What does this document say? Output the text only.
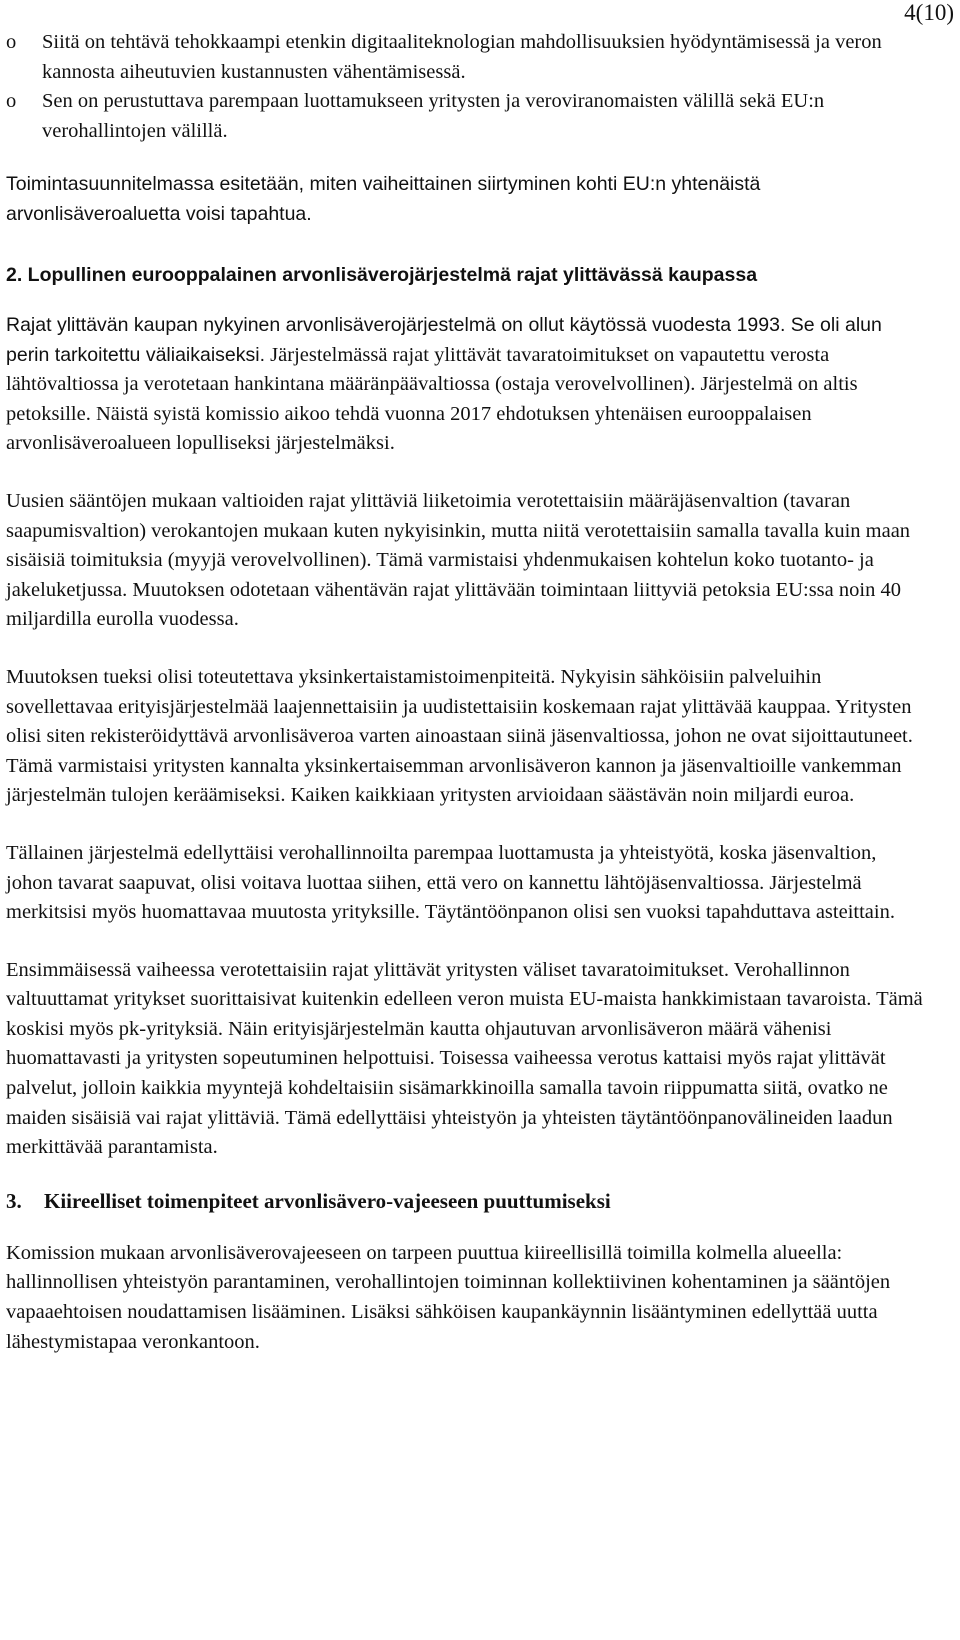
4(10)
o Siitä on tehtävä tehokkaampi etenkin digitaaliteknologian mahdollisuuksien hyödyntämisessä ja veron kannosta aiheutuvien kustannusten vähentämisessä.
o Sen on perustuttava parempaan luottamukseen yritysten ja veroviranomaisten välillä sekä EU:n verohallintojen välillä.

Toimintasuunnitelmassa esitetään, miten vaiheittainen siirtyminen kohti EU:n yhtenäistä arvonlisäveroaluetta voisi tapahtua.

2. Lopullinen eurooppalainen arvonlisäverojärjestelmä rajat ylittävässä kaupassa

Rajat ylittävän kaupan nykyinen arvonlisäverojärjestelmä on ollut käytössä vuodesta 1993. Se oli alun perin tarkoitettu väliaikaiseksi. Järjestelmässä rajat ylittävät tavaratoimitukset on vapautettu verosta lähtövaltiossa ja verotetaan hankintana määränpäävaltiossa (ostaja verovelvollinen). Järjestelmä on altis petoksille. Näistä syistä komissio aikoo tehdä vuonna 2017 ehdotuksen yhtenäisen eurooppalaisen arvonlisäveroalueen lopulliseksi järjestelmäksi.

Uusien sääntöjen mukaan valtioiden rajat ylittäviä liiketoimia verotettaisiin määräjäsenvaltion (tavaran saapumisvaltion) verokantojen mukaan kuten nykyisinkin, mutta niitä verotettaisiin samalla tavalla kuin maan sisäisiä toimituksia (myyjä verovelvollinen). Tämä varmistaisi yhdenmukaisen kohtelun koko tuotanto- ja jakeluketjussa. Muutoksen odotetaan vähentävän rajat ylittävään toimintaan liittyviä petoksia EU:ssa noin 40 miljardilla eurolla vuodessa.

Muutoksen tueksi olisi toteutettava yksinkertaistamistoimenpiteitä. Nykyisin sähköisiin palveluihin sovellettavaa erityisjärjestelmää laajennettaisiin ja uudistettaisiin koskemaan rajat ylittävää kauppaa. Yritysten olisi siten rekisteröidyttävä arvonlisäveroa varten ainoastaan siinä jäsenvaltiossa, johon ne ovat sijoittautuneet. Tämä varmistaisi yritysten kannalta yksinkertaisemman arvonlisäveron kannon ja jäsenvaltioille vankemman järjestelmän tulojen keräämiseksi. Kaiken kaikkiaan yritysten arvioidaan säästävän noin miljardi euroa.

Tällainen järjestelmä edellyttäisi verohallinnoilta parempaa luottamusta ja yhteistyötä, koska jäsenvaltion, johon tavarat saapuvat, olisi voitava luottaa siihen, että vero on kannettu lähtöjäsenvaltiossa. Järjestelmä merkitsisi myös huomattavaa muutosta yrityksille. Täytäntöönpanon olisi sen vuoksi tapahduttava asteittain.

Ensimmäisessä vaiheessa verotettaisiin rajat ylittävät yritysten väliset tavaratoimitukset. Verohallinnon valtuuttamat yritykset suorittaisivat kuitenkin edelleen veron muista EU-maista hankkimistaan tavaroista. Tämä koskisi myös pk-yrityksiä. Näin erityisjärjestelmän kautta ohjautuvan arvonlisäveron määrä vähenisi huomattavasti ja yritysten sopeutuminen helpottuisi. Toisessa vaiheessa verotus kattaisi myös rajat ylittävät palvelut, jolloin kaikkia myyntejä kohdeltaisiin sisämarkkinoilla samalla tavoin riippumatta siitä, ovatko ne maiden sisäisiä vai rajat ylittäviä. Tämä edellyttäisi yhteistyön ja yhteisten täytäntöönpanovälineiden laadun merkittävää parantamista.

3.	Kiireelliset toimenpiteet arvonlisävero-vajeeseen puuttumiseksi

Komission mukaan arvonlisäverovajeeseen on tarpeen puuttua kiireellisillä toimilla kolmella alueella: hallinnollisen yhteistyön parantaminen, verohallintojen toiminnan kollektiivinen kohentaminen ja sääntöjen vapaaehtoisen noudattamisen lisääminen. Lisäksi sähköisen kaupankäynnin lisääntyminen edellyttää uutta lähestymistapaa veronkantoon.
